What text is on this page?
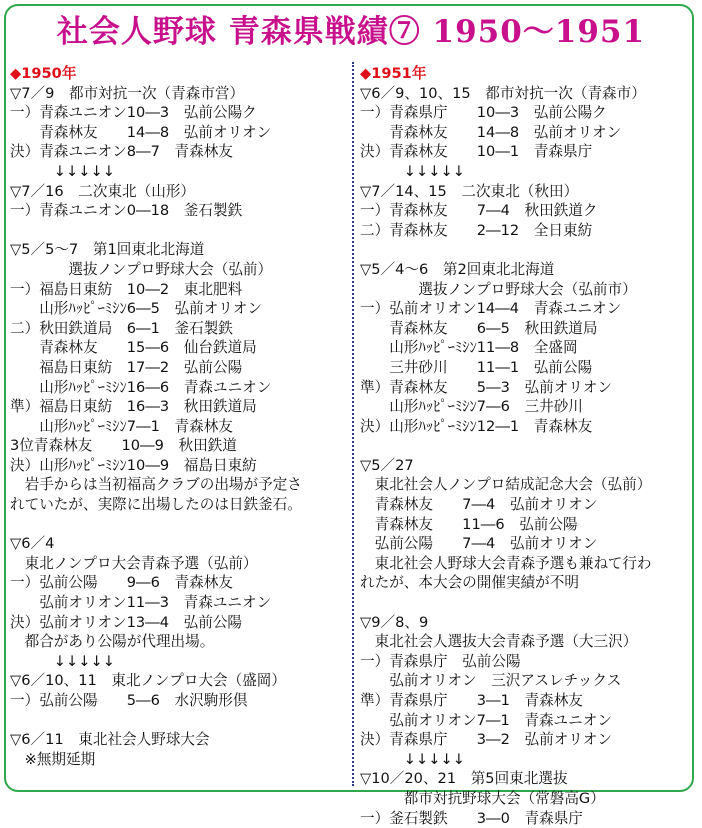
社会人野球 青森県戦績⑦ 1950〜1951
◆1950年
▽7／9　都市対抗一次（青森市営）
一）青森ユニオン10―3　弘前公陽ク
　　青森林友　　14―8　弘前オリオン
決）青森ユニオン8―7　青森林友
　　　↓↓↓↓↓
▽7／16　二次東北（山形）
一）青森ユニオン0―18　釜石製鉄
▽5／5〜7　第1回東北北海道
　　　　選抜ノンプロ野球大会（弘前）
一）福島日東紡　10―2　東北肥料
　　山形ﾊｯﾋﾟｰﾐｼﾝ6―5　弘前オリオン
二）秋田鉄道局　6―1　釜石製鉄
　　青森林友　　15―6　仙台鉄道局
　　福島日東紡　17―2　弘前公陽
　　山形ﾊｯﾋﾟｰﾐｼﾝ16―6　青森ユニオン
準）福島日東紡　16―3　秋田鉄道局
　　山形ﾊｯﾋﾟｰﾐｼﾝ7―1　青森林友
3位青森林友　　10―9　秋田鉄道
決）山形ﾊｯﾋﾟｰﾐｼﾝ10―9　福島日東紡
　岩手からは当初福高クラブの出場が予定さ
れていたが、実際に出場したのは日鉄釜石。
▽6／4
　東北ノンプロ大会青森予選（弘前）
一）弘前公陽　　9―6　青森林友
　　弘前オリオン11―3　青森ユニオン
決）弘前オリオン13―4　弘前公陽
　都合があり公陽が代理出場。
　　　↓↓↓↓↓
▽6／10、11　東北ノンプロ大会（盛岡）
一）弘前公陽　　5―6　水沢駒形倶
▽6／11　東北社会人野球大会
　※無期延期
◆1951年
▽6／9、10、15　都市対抗一次（青森市）
一）青森県庁　　10―3　弘前公陽ク
　　青森林友　　14―8　弘前オリオン
決）青森林友　　10―1　青森県庁
　　　↓↓↓↓↓
▽7／14、15　二次東北（秋田）
一）青森林友　　7―4　秋田鉄道ク
二）青森林友　　2―12　全日東紡
▽5／4〜6　第2回東北北海道
　　　　選抜ノンプロ野球大会（弘前市）
一）弘前オリオン14―4　青森ユニオン
　　青森林友　　6―5　秋田鉄道局
　　山形ﾊｯﾋﾟｰﾐｼﾝ11―8　全盛岡
　　三井砂川　　11―1　弘前公陽
準）青森林友　　5―3　弘前オリオン
　　山形ﾊｯﾋﾟｰﾐｼﾝ7―6　三井砂川
決）山形ﾊｯﾋﾟｰﾐｼﾝ12―1　青森林友
▽5／27
　東北社会人ノンプロ結成記念大会（弘前）
　青森林友　　7―4　弘前オリオン
　青森林友　　11―6　弘前公陽
　弘前公陽　　7―4　弘前オリオン
　東北社会人野球大会青森予選も兼ねて行わ
れたが、本大会の開催実績が不明
▽9／8、9
　東北社会人選抜大会青森予選（大三沢）
一）青森県庁　弘前公陽
　　弘前オリオン　三沢アスレチックス
準）青森県庁　　3―1　青森林友
　　弘前オリオン7―1　青森ユニオン
決）青森県庁　　3―2　弘前オリオン
　　　↓↓↓↓↓
▽10／20、21　第5回東北選抜
　　　都市対抗野球大会（常磐高G）
一）釜石製鉄　　3―0　青森県庁
